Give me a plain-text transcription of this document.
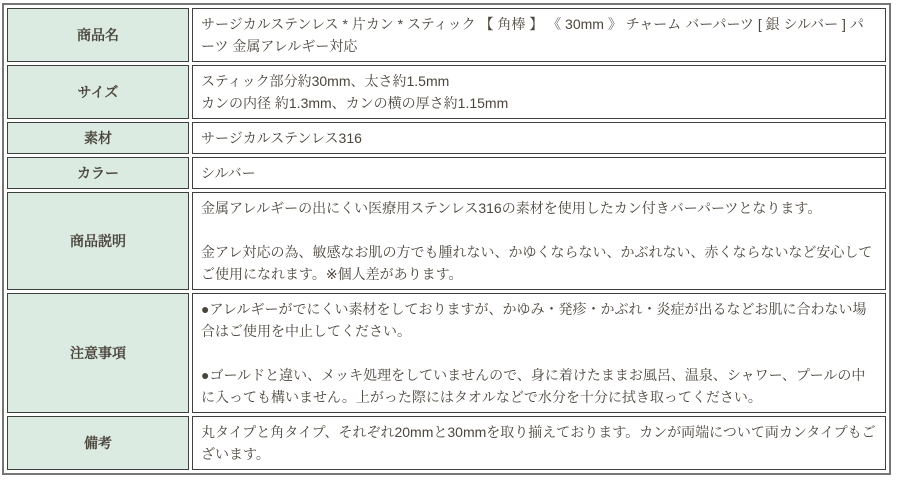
商品名	サージカルステンレス * 片カン * スティック 【 角棒 】 《 30mm 》 チャーム バーパーツ [ 銀 シルバー ] パーツ 金属アレルギー対応

サイズ	スティック部分約30mm、太さ約1.5mm
カンの内径 約1.3mm、カンの横の厚さ約1.15mm

素材	サージカルステンレス316

カラー	シルバー

商品説明	金属アレルギーの出にくい医療用ステンレス316の素材を使用したカン付きバーパーツとなります。

金アレ対応の為、敏感なお肌の方でも腫れない、かゆくならない、かぶれない、赤くならないなど安心してご使用になれます。※個人差があります。

注意事項	●アレルギーがでにくい素材をしておりますが、かゆみ・発疹・かぶれ・炎症が出るなどお肌に合わない場合はご使用を中止してください。

●ゴールドと違い、メッキ処理をしていませんので、身に着けたままお風呂、温泉、シャワー、プールの中に入っても構いません。上がった際にはタオルなどで水分を十分に拭き取ってください。

備考	丸タイプと角タイプ、それぞれ20mmと30mmを取り揃えております。カンが両端について両カンタイプもございます。
